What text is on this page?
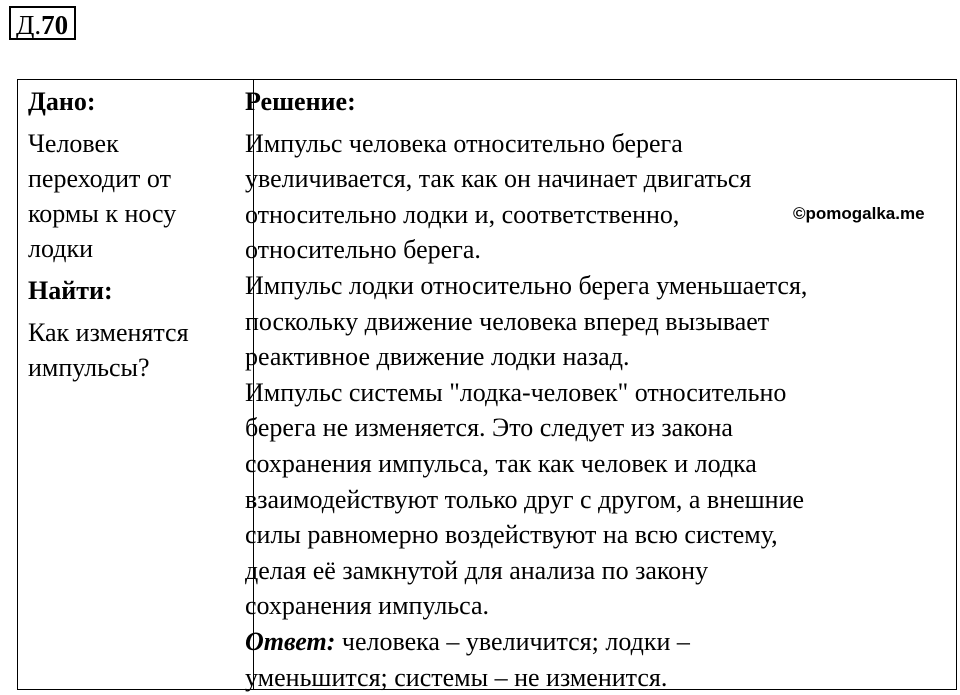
Д.70

Дано:

Человек
переходит от
кормы к носу
лодки

Найти:

Как изменятся
импульсы?

Решение:

Импульс человека относительно берега
увеличивается, так как он начинает двигаться
относительно лодки и, соответственно,
относительно берега.

Импульс лодки относительно берега уменьшается,
поскольку движение человека вперед вызывает
реактивное движение лодки назад.

Импульс системы "лодка-человек" относительно
берега не изменяется. Это следует из закона
сохранения импульса, так как человек и лодка
взаимодействуют только друг с другом, а внешние
силы равномерно воздействуют на всю систему,
делая её замкнутой для анализа по закону
сохранения импульса.

Ответ: человека – увеличится; лодки –
уменьшится; системы – не изменится.

©pomogalka.me
